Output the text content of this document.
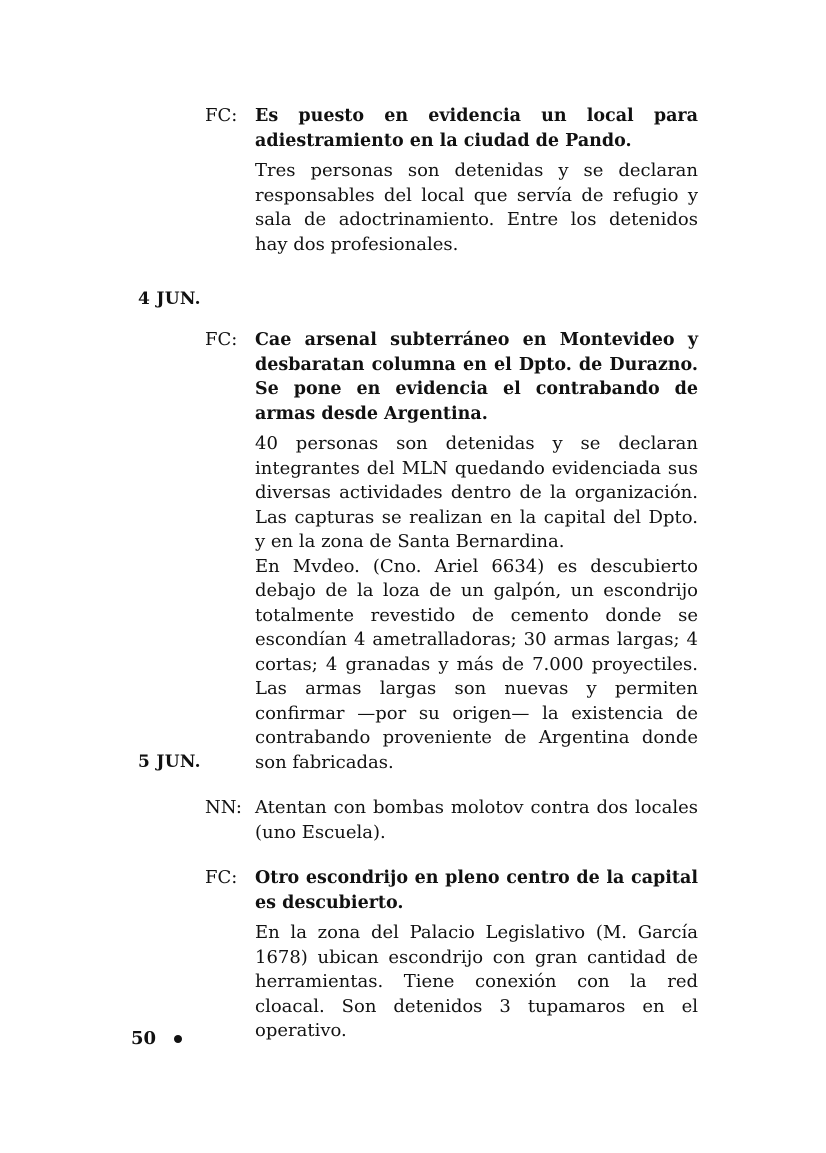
FC:	Es puesto en evidencia un local para adiestramiento en la ciudad de Pando.

Tres personas son detenidas y se declaran responsables del local que servía de refugio y sala de adoctrinamiento. Entre los detenidos hay dos profesionales.

4 JUN.
FC:	Cae arsenal subterráneo en Montevideo y desbaratan columna en el Dpto. de Durazno. Se pone en evidencia el contrabando de armas desde Argentina.

40 personas son detenidas y se declaran integrantes del MLN quedando evidenciada sus diversas actividades dentro de la organización. Las capturas se realizan en la capital del Dpto. y en la zona de Santa Bernardina.

En Mvdeo. (Cno. Ariel 6634) es descubierto debajo de la loza de un galpón, un escondrijo totalmente revestido de cemento donde se escondían 4 ametralladoras; 30 armas largas; 4 cortas; 4 granadas y más de 7.000 proyectiles. Las armas largas son nuevas y permiten confirmar —por su origen— la existencia de contrabando proveniente de Argentina donde son fabricadas.

5 JUN.
NN: Atentan con bombas molotov contra dos locales (uno Escuela).

FC:	Otro escondrijo en pleno centro de la capital es descubierto.

En la zona del Palacio Legislativo (M. García 1678) ubican escondrijo con gran cantidad de herramientas. Tiene conexión con la red cloacal. Son detenidos 3 tupamaros en el operativo.

50
